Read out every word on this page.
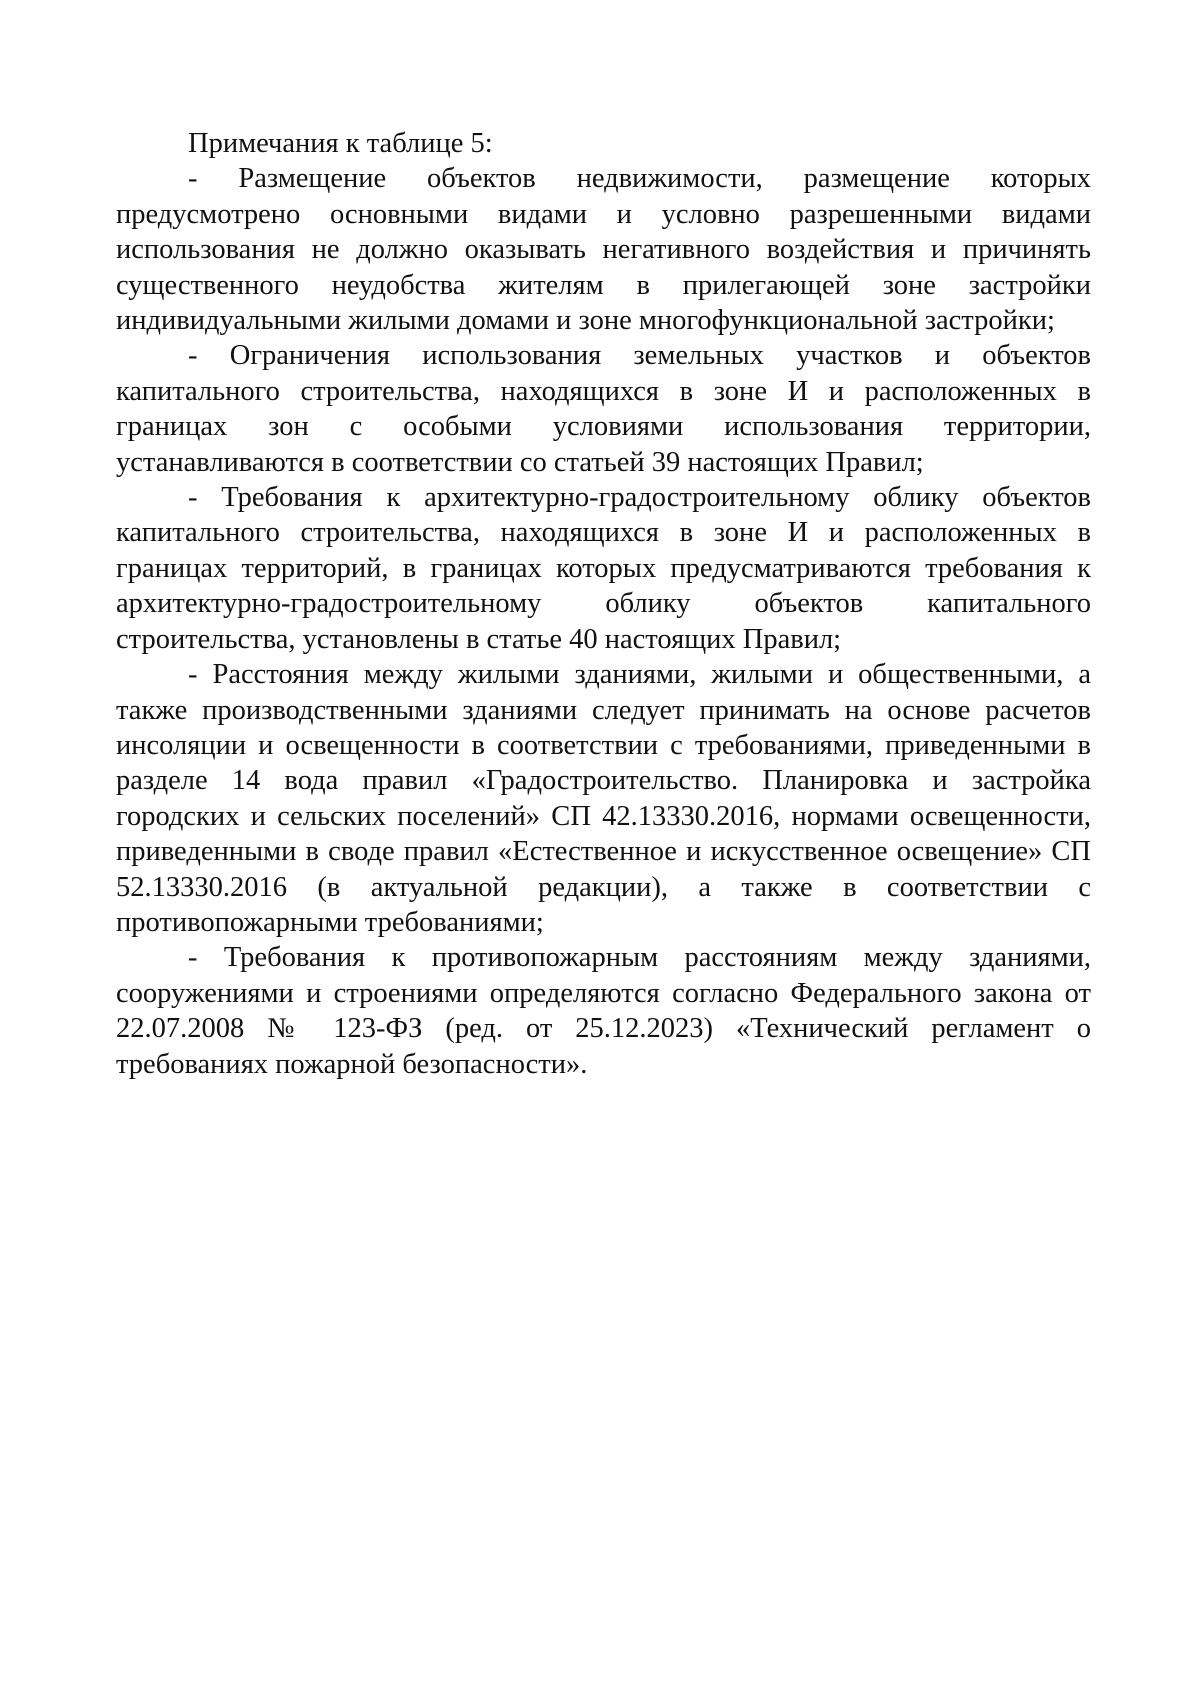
Примечания к таблице 5:

- Размещение объектов недвижимости, размещение которых предусмотрено основными видами и условно разрешенными видами использования не должно оказывать негативного воздействия и причинять существенного неудобства жителям в прилегающей зоне застройки индивидуальными жилыми домами и зоне многофункциональной застройки;

- Ограничения использования земельных участков и объектов капитального строительства, находящихся в зоне И и расположенных в границах зон с особыми условиями использования территории, устанавливаются в соответствии со статьей 39 настоящих Правил;

- Требования к архитектурно-градостроительному облику объектов капитального строительства, находящихся в зоне И и расположенных в границах территорий, в границах которых предусматриваются требования к архитектурно-градостроительному облику объектов капитального строительства, установлены в статье 40 настоящих Правил;

- Расстояния между жилыми зданиями, жилыми и общественными, а также производственными зданиями следует принимать на основе расчетов инсоляции и освещенности в соответствии с требованиями, приведенными в разделе 14 вода правил «Градостроительство. Планировка и застройка городских и сельских поселений» СП 42.13330.2016, нормами освещенности, приведенными в своде правил «Естественное и искусственное освещение» СП 52.13330.2016 (в актуальной редакции), а также в соответствии с противопожарными требованиями;

- Требования к противопожарным расстояниям между зданиями, сооружениями и строениями определяются согласно Федерального закона от 22.07.2008 № 123-ФЗ (ред. от 25.12.2023) «Технический регламент о требованиях пожарной безопасности».
